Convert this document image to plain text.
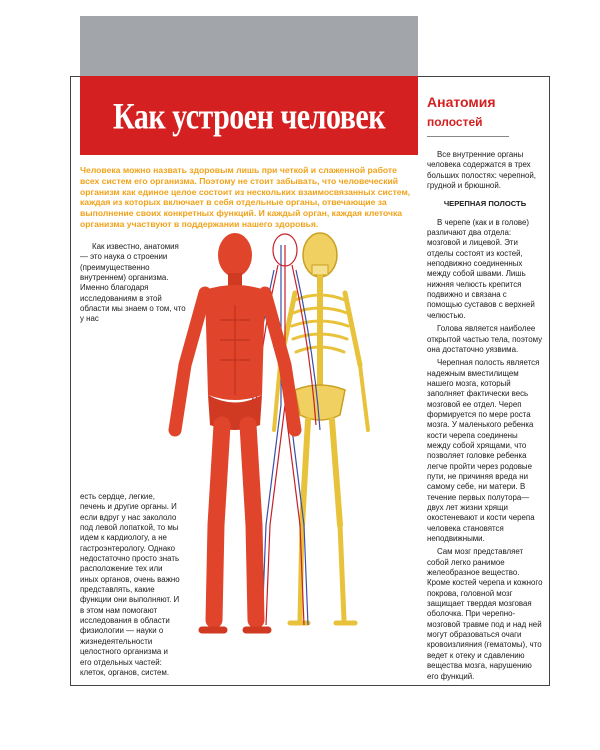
Как устроен человек	Анатомия
полостей

Человека можно назвать здоровым лишь при четкой и слаженной работе всех систем его организма. Поэтому не стоит забывать, что человеческий организм как единое целое состоит из нескольких взаимосвязанных систем, каждая из которых включает в себя отдельные органы, отвечающие за выполнение своих конкретных функций. И каждый орган, каждая клеточка организма участвуют в поддержании нашего здоровья.

Как известно, анатомия — это наука о строении (преимущественно внутреннем) организма. Именно благодаря исследованиям в этой области мы знаем о том, что у нас

есть сердце, легкие, печень и другие органы. И если вдруг у нас закололо под левой лопаткой, то мы идем к кардиологу, а не гастроэнтерологу. Однако недостаточно просто знать расположение тех или иных органов, очень важно представлять, какие функции они выполняют. И в этом нам помогают исследования в области физиологии — науки о жизнедеятельности целостного организма и его отдельных частей: клеток, органов, систем.

Все внутренние органы человека содержатся в трех больших полостях: черепной, грудной и брюшной.

ЧЕРЕПНАЯ ПОЛОСТЬ

В черепе (как и в голове) различают два отдела: мозговой и лицевой. Эти отделы состоят из костей, неподвижно соединенных между собой швами. Лишь нижняя челюсть крепится подвижно и связана с помощью суставов с верхней челюстью.

Голова является наиболее открытой частью тела, поэтому она достаточно уязвима.

Черепная полость является надежным вместилищем нашего мозга, который заполняет фактически весь мозговой ее отдел. Череп формируется по мере роста мозга. У маленького ребенка кости черепа соединены между собой хрящами, что позволяет головке ребенка легче пройти через родовые пути, не причиняя вреда ни самому себе, ни матери. В течение первых полутора—двух лет жизни хрящи окостеневают и кости черепа человека становятся неподвижными.

Сам мозг представляет собой легко ранимое желеобразное вещество. Кроме костей черепа и кожного покрова, головной мозг защищает твердая мозговая оболочка. При черепно-мозговой травме под и над ней могут образоваться очаги кровоизлияния (гематомы), что ведет к отеку и сдавлению вещества мозга, нарушению его функций.
